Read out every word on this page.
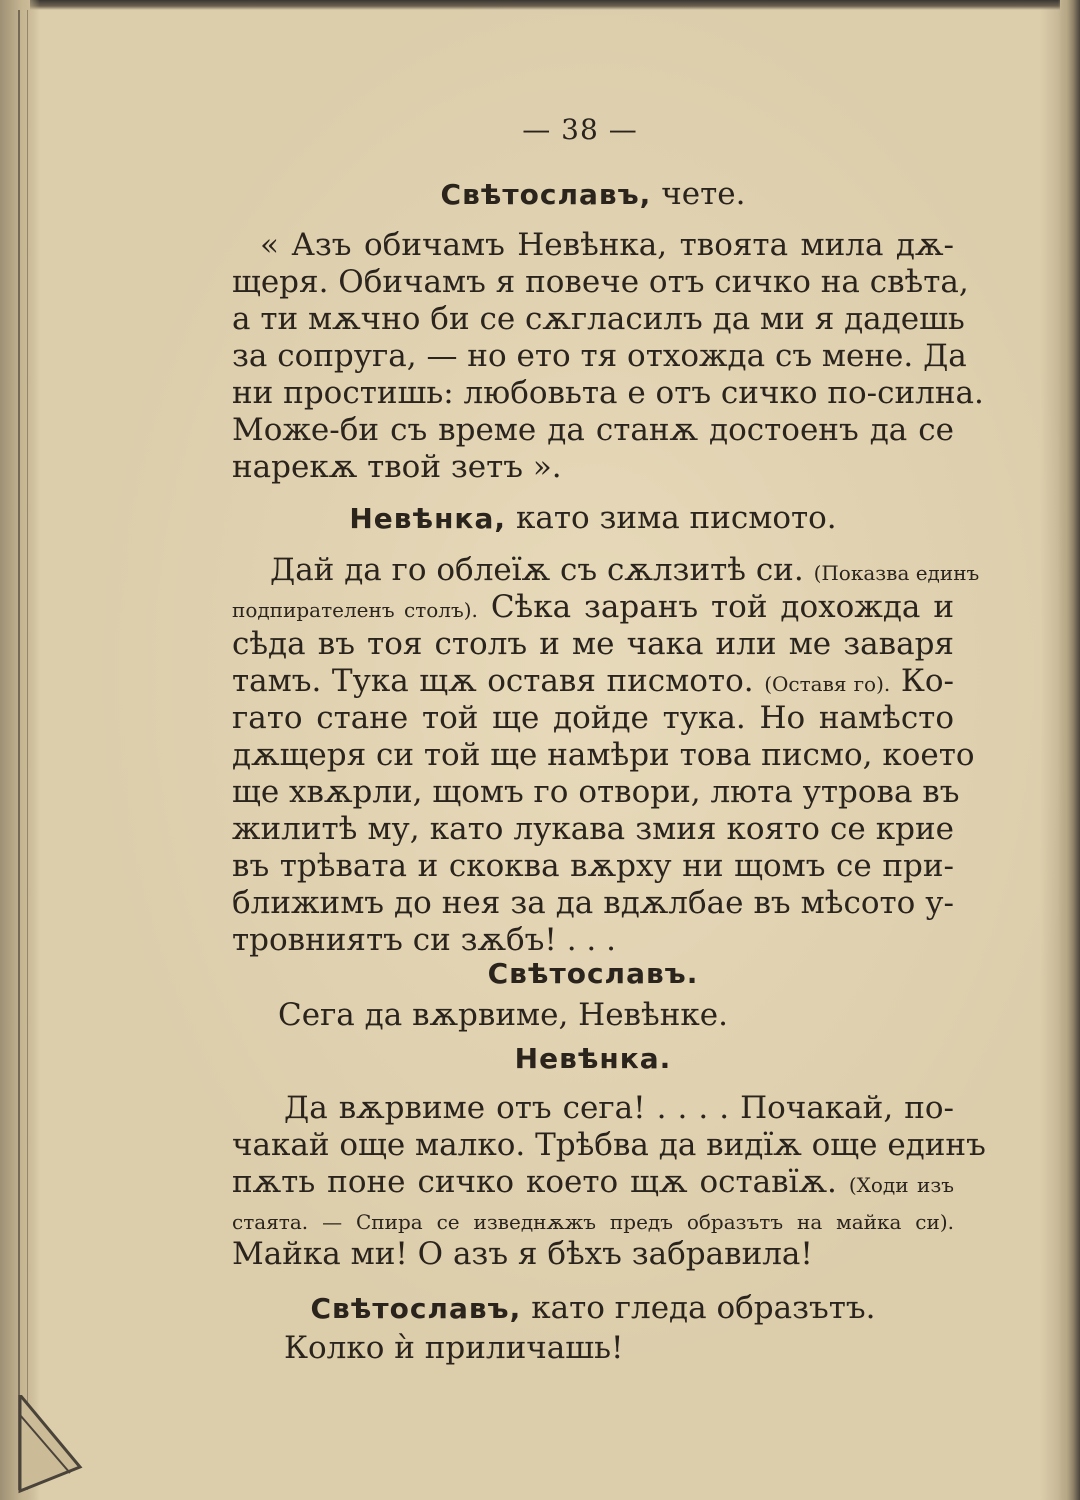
— 38 —
Свѣтославъ, чете.
« Азъ обичамъ Невѣнка, твоята мила дѫ-
щеря. Обичамъ я повече отъ сичко на свѣта,
а ти мѫчно би се сѫгласилъ да ми я дадешь
за сопруга, — но ето тя отхожда съ мене. Да
ни простишь: любовьта е отъ сичко по-силна.
Може-би съ време да станѫ достоенъ да се
нарекѫ твой зетъ ».
Невѣнка, като зима писмото.
Дай да го облеїѫ съ сѫлзитѣ си. (Показва единъ
подпирателенъ столъ). Сѣка заранъ той дохожда и
сѣда въ тоя столъ и ме чака или ме заваря
тамъ. Тука щѫ оставя писмото. (Оставя го). Ко-
гато стане той ще дойде тука. Но намѣсто
дѫщеря си той ще намѣри това писмо, което
ще хвѫрли, щомъ го отвори, люта утрова въ
жилитѣ му, като лукава змия която се крие
въ трѣвата и скоква вѫрху ни щомъ се при-
ближимъ до нея за да вдѫлбае въ мѣсото у-
тровниятъ си зѫбъ! . . .
Свѣтославъ.
Сега да вѫрвиме, Невѣнке.
Невѣнка.
Да вѫрвиме отъ сега! . . . . Почакай, по-
чакай още малко. Трѣбва да видїѫ още единъ
пѫть поне сичко което щѫ оставїѫ. (Ходи изъ
стаята. — Спира се изведнѫжъ предъ образътъ на майка си).
Майка ми! О азъ я бѣхъ забравила!
Свѣтославъ, като гледа образътъ.
Колко ѝ приличашь!
